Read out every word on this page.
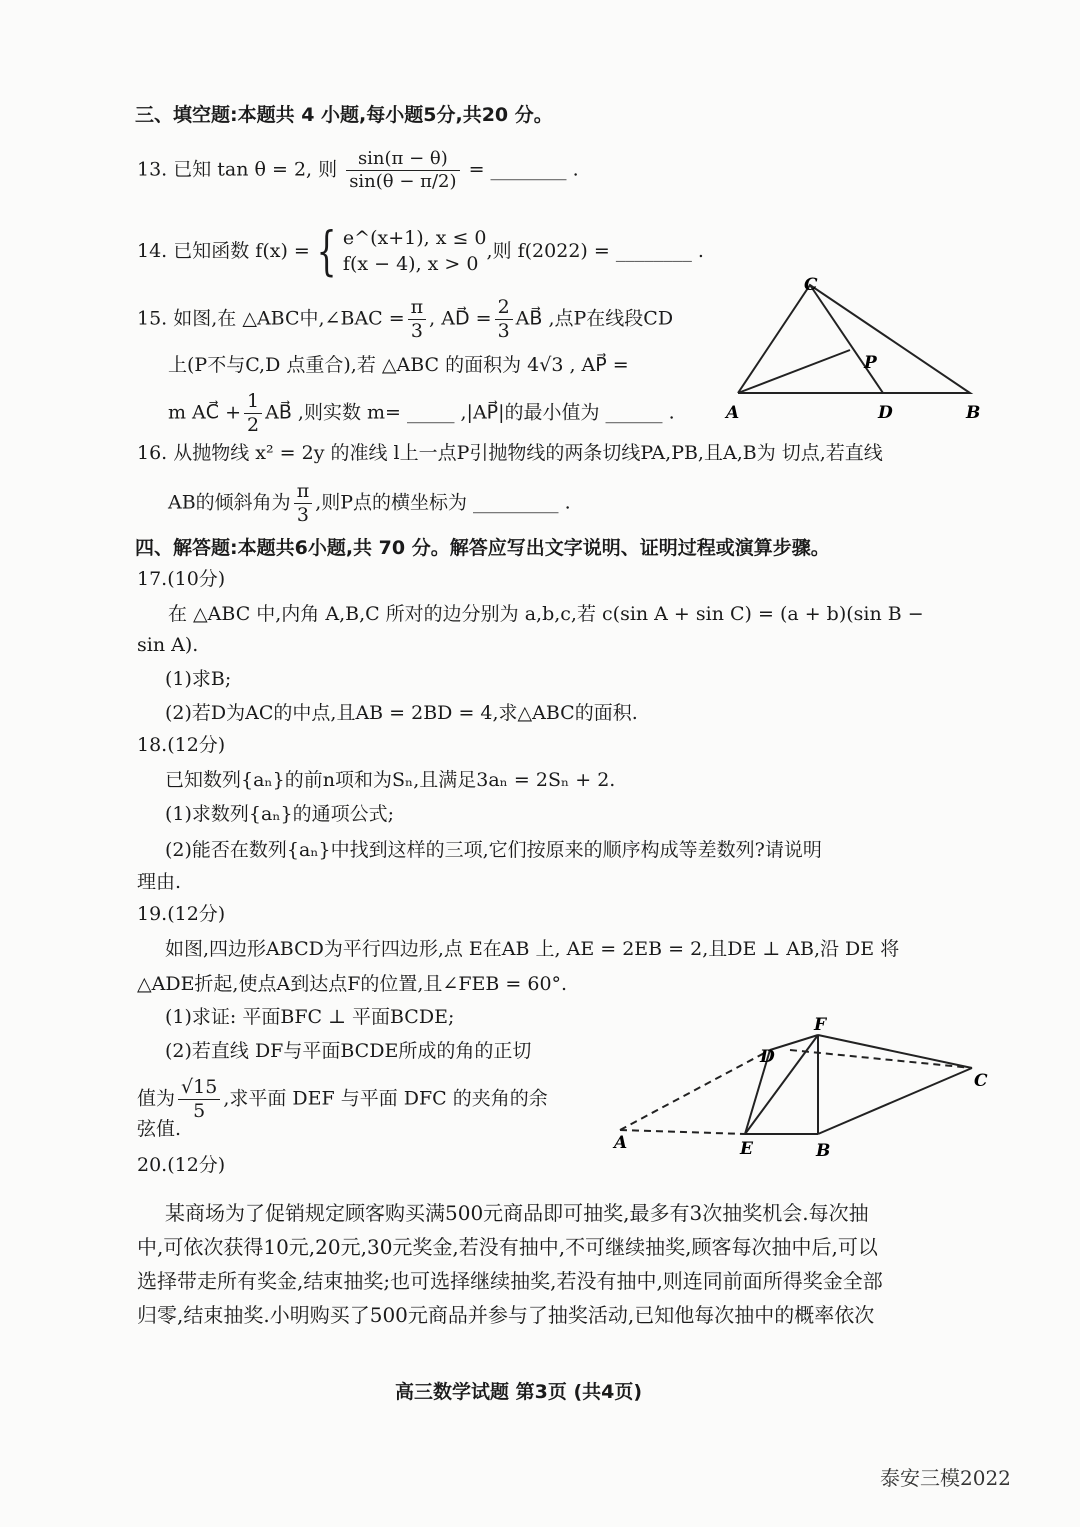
三、填空题:本题共 4 小题,每小题5分,共20 分。
13. 已知 tan θ = 2, 则 $\frac{\sin(\pi - \theta)}{\sin(\theta - \pi/2)}$ = ________ .
14. 已知函数 f(x) = { e^(x+1), x ≤ 0
f(x − 4), x > 0,则 f(2022) = ________ .
15. 如图,在 △ABC中,∠BAC = $\frac{\pi}{3}$ , AD⃗ = $\frac{2}{3}$ AB⃗ ,点P在线段CD
上(P不与C,D 点重合),若 △ABC 的面积为 4√3 , AP⃗ =
m AC⃗ + $\frac{1}{2}$ AB⃗ ,则实数 m= _____ ,|AP⃗|的最小值为 ______ .
C
P
A	D	B
16. 从抛物线 x² = 2y 的准线 l上一点P引抛物线的两条切线PA,PB,且A,B为 切点,若直线
AB的倾斜角为 $\frac{\pi}{3}$ ,则P点的横坐标为 _________ .
四、解答题:本题共6小题,共 70 分。解答应写出文字说明、证明过程或演算步骤。
17.(10分)
在 △ABC 中,内角 A,B,C 所对的边分别为 a,b,c,若 c(sin A + sin C) = (a + b)(sin B −
sin A).
(1)求B;
(2)若D为AC的中点,且AB = 2BD = 4,求△ABC的面积.
18.(12分)
已知数列{aₙ}的前n项和为Sₙ,且满足3aₙ = 2Sₙ + 2.
(1)求数列{aₙ}的通项公式;
(2)能否在数列{aₙ}中找到这样的三项,它们按原来的顺序构成等差数列?请说明
理由.
19.(12分)
如图,四边形ABCD为平行四边形,点 E在AB 上, AE = 2EB = 2,且DE ⊥ AB,沿 DE 将
△ADE折起,使点A到达点F的位置,且∠FEB = 60°.
(1)求证: 平面BFC ⊥ 平面BCDE;
(2)若直线 DF与平面BCDE所成的角的正切
值为 $\frac{√15}{5}$ ,求平面 DEF 与平面 DFC 的夹角的余
弦值.
A	E	B
C
D
F
20.(12分)
某商场为了促销规定顾客购买满500元商品即可抽奖,最多有3次抽奖机会.每次抽
中,可依次获得10元,20元,30元奖金,若没有抽中,不可继续抽奖,顾客每次抽中后,可以
选择带走所有奖金,结束抽奖;也可选择继续抽奖,若没有抽中,则连同前面所得奖金全部
归零,结束抽奖.小明购买了500元商品并参与了抽奖活动,已知他每次抽中的概率依次
高三数学试题 第3页 (共4页)
泰安三模2022
